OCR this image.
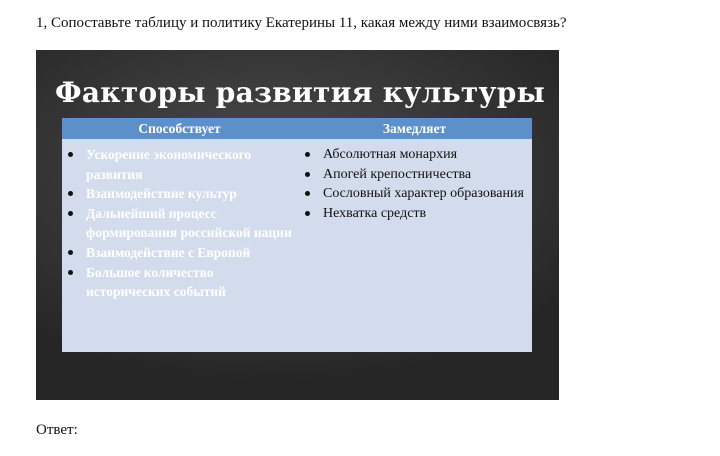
1, Сопоставьте таблицу и политику Екатерины 11, какая между ними взаимосвязь?
Факторы развития культуры
Способствует	Замедляет
Ускорение экономического развития
Взаимодействие культур
Дальнейший процесс формирования российской нации
Взаимодействие с Европой
Большое количество исторических событий
Абсолютная монархия
Апогей крепостничества
Сословный характер образования
Нехватка средств
Ответ:
